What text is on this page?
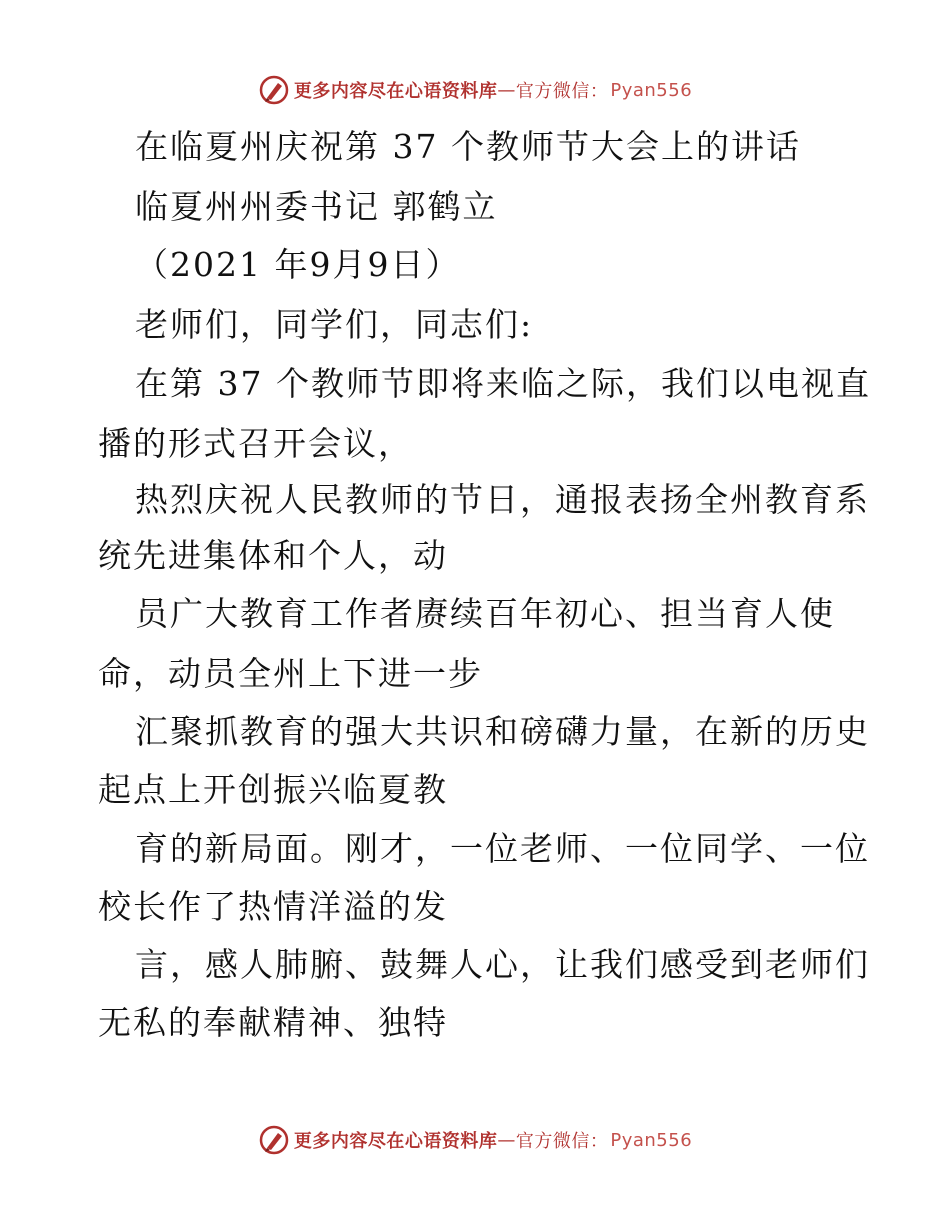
更多内容尽在心语资料库 — 官方微信： Pyan556
在临夏州庆祝第 37 个教师节大会上的讲话
临夏州州委书记 郭鹤立
（2021 年9月9日）
老师们，同学们，同志们:
在第 37 个教师节即将来临之际，我们以电视直
播的形式召开会议，
热烈庆祝人民教师的节日，通报表扬全州教育系
统先进集体和个人，动
员广大教育工作者赓续百年初心、担当育人使
命，动员全州上下进一步
汇聚抓教育的强大共识和磅礴力量，在新的历史
起点上开创振兴临夏教
育的新局面。刚才，一位老师、一位同学、一位
校长作了热情洋溢的发
言，感人肺腑、鼓舞人心，让我们感受到老师们
无私的奉献精神、独特
更多内容尽在心语资料库 — 官方微信： Pyan556
